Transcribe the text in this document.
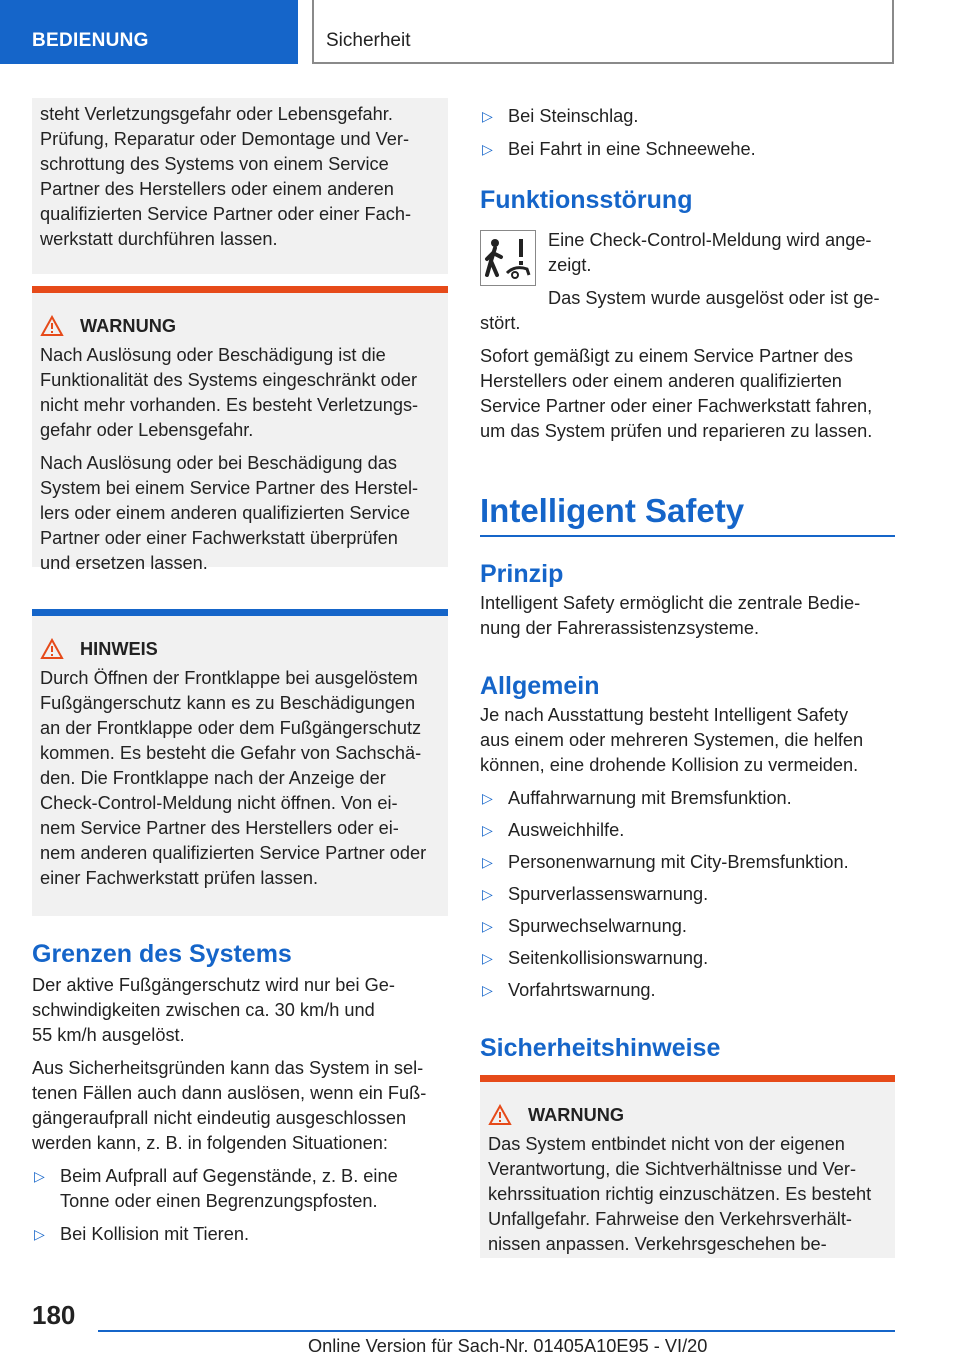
BEDIENUNG	Sicherheit

steht Verletzungsgefahr oder Lebensgefahr.

Prüfung, Reparatur oder Demontage und Ver-

schrottung des Systems von einem Service

Partner des Herstellers oder einem anderen

qualifizierten Service Partner oder einer Fach-

werkstatt durchführen lassen.

WARNUNG

Nach Auslösung oder Beschädigung ist die

Funktionalität des Systems eingeschränkt oder

nicht mehr vorhanden. Es besteht Verletzungs-

gefahr oder Lebensgefahr.

Nach Auslösung oder bei Beschädigung das

System bei einem Service Partner des Herstel-

lers oder einem anderen qualifizierten Service

Partner oder einer Fachwerkstatt überprüfen

und ersetzen lassen.

HINWEIS

Durch Öffnen der Frontklappe bei ausgelöstem

Fußgängerschutz kann es zu Beschädigungen

an der Frontklappe oder dem Fußgängerschutz

kommen. Es besteht die Gefahr von Sachschä-

den. Die Frontklappe nach der Anzeige der

Check-Control-Meldung nicht öffnen. Von ei-

nem Service Partner des Herstellers oder ei-

nem anderen qualifizierten Service Partner oder

einer Fachwerkstatt prüfen lassen.

Grenzen des Systems

Der aktive Fußgängerschutz wird nur bei Ge-

schwindigkeiten zwischen ca. 30 km/h und

55 km/h ausgelöst.

Aus Sicherheitsgründen kann das System in sel-

tenen Fällen auch dann auslösen, wenn ein Fuß-

gängeraufprall nicht eindeutig ausgeschlossen

werden kann, z. B. in folgenden Situationen:

▷ Beim Aufprall auf Gegenstände, z. B. eine

Tonne oder einen Begrenzungspfosten.

▷ Bei Kollision mit Tieren.

▷ Bei Steinschlag.

▷ Bei Fahrt in eine Schneewehe.

Funktionsstörung

Eine Check-Control-Meldung wird ange-

zeigt.

Das System wurde ausgelöst oder ist ge-

stört.

Sofort gemäßigt zu einem Service Partner des

Herstellers oder einem anderen qualifizierten

Service Partner oder einer Fachwerkstatt fahren,

um das System prüfen und reparieren zu lassen.

Intelligent Safety
Prinzip

Intelligent Safety ermöglicht die zentrale Bedie-

nung der Fahrerassistenzsysteme.

Allgemein

Je nach Ausstattung besteht Intelligent Safety

aus einem oder mehreren Systemen, die helfen

können, eine drohende Kollision zu vermeiden.

▷ Auffahrwarnung mit Bremsfunktion.

▷ Ausweichhilfe.

▷ Personenwarnung mit City-Bremsfunktion.

▷ Spurverlassenswarnung.

▷ Spurwechselwarnung.

▷ Seitenkollisionswarnung.

▷ Vorfahrtswarnung.

Sicherheitshinweise
WARNUNG

Das System entbindet nicht von der eigenen

Verantwortung, die Sichtverhältnisse und Ver-

kehrssituation richtig einzuschätzen. Es besteht

Unfallgefahr. Fahrweise den Verkehrsverhält-

nissen anpassen. Verkehrsgeschehen be-

180
Online Version für Sach-Nr. 01405A10E95 - VI/20
